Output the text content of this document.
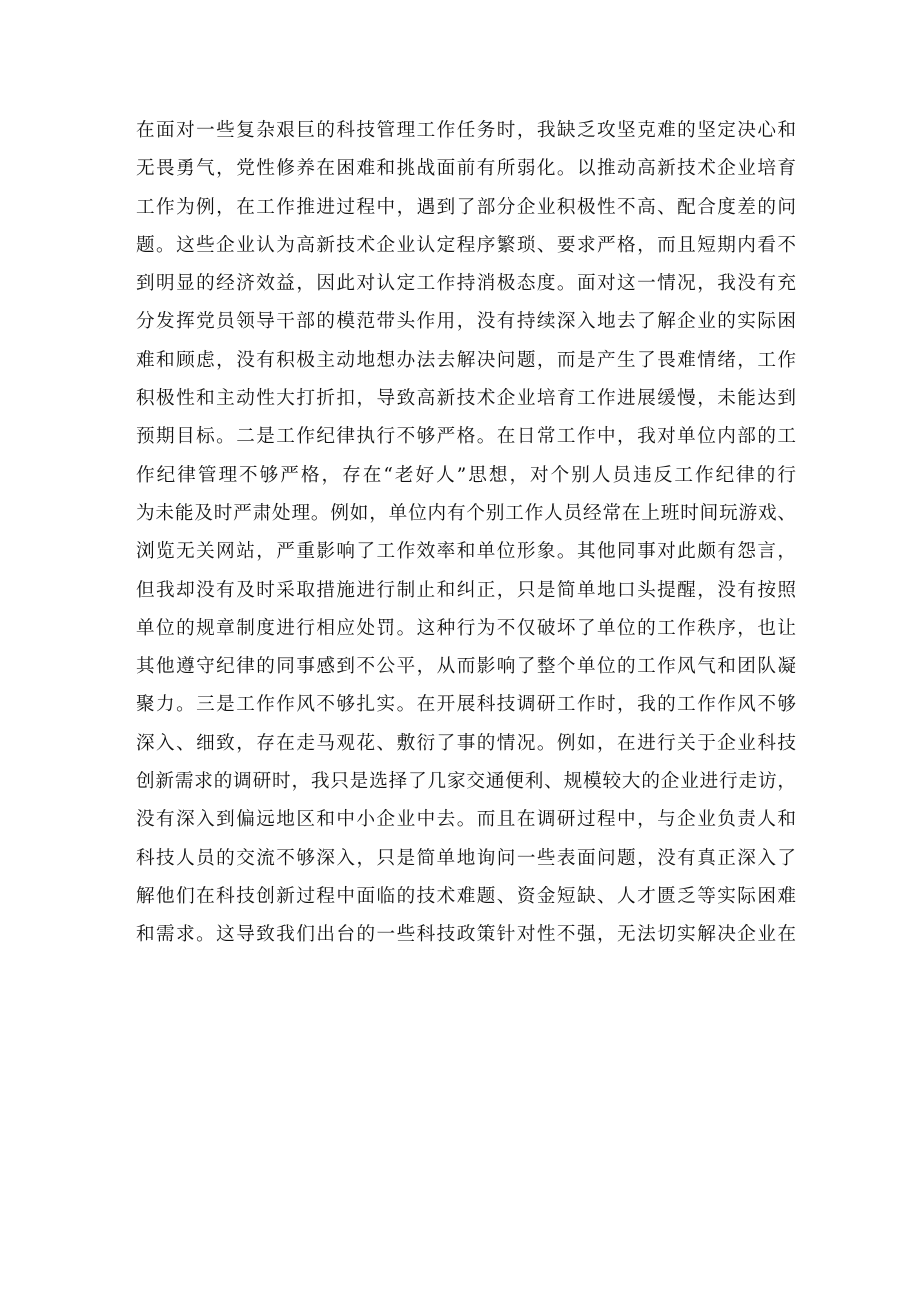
在面对一些复杂艰巨的科技管理工作任务时，我缺乏攻坚克难的坚定决心和
无畏勇气，党性修养在困难和挑战面前有所弱化。以推动高新技术企业培育
工作为例，在工作推进过程中，遇到了部分企业积极性不高、配合度差的问
题。这些企业认为高新技术企业认定程序繁琐、要求严格，而且短期内看不
到明显的经济效益，因此对认定工作持消极态度。面对这一情况，我没有充
分发挥党员领导干部的模范带头作用，没有持续深入地去了解企业的实际困
难和顾虑，没有积极主动地想办法去解决问题，而是产生了畏难情绪，工作
积极性和主动性大打折扣，导致高新技术企业培育工作进展缓慢，未能达到
预期目标。二是工作纪律执行不够严格。在日常工作中，我对单位内部的工
作纪律管理不够严格，存在“老好人”思想，对个别人员违反工作纪律的行
为未能及时严肃处理。例如，单位内有个别工作人员经常在上班时间玩游戏、
浏览无关网站，严重影响了工作效率和单位形象。其他同事对此颇有怨言，
但我却没有及时采取措施进行制止和纠正，只是简单地口头提醒，没有按照
单位的规章制度进行相应处罚。这种行为不仅破坏了单位的工作秩序，也让
其他遵守纪律的同事感到不公平，从而影响了整个单位的工作风气和团队凝
聚力。三是工作作风不够扎实。在开展科技调研工作时，我的工作作风不够
深入、细致，存在走马观花、敷衍了事的情况。例如，在进行关于企业科技
创新需求的调研时，我只是选择了几家交通便利、规模较大的企业进行走访，
没有深入到偏远地区和中小企业中去。而且在调研过程中，与企业负责人和
科技人员的交流不够深入，只是简单地询问一些表面问题，没有真正深入了
解他们在科技创新过程中面临的技术难题、资金短缺、人才匮乏等实际困难
和需求。这导致我们出台的一些科技政策针对性不强，无法切实解决企业在
